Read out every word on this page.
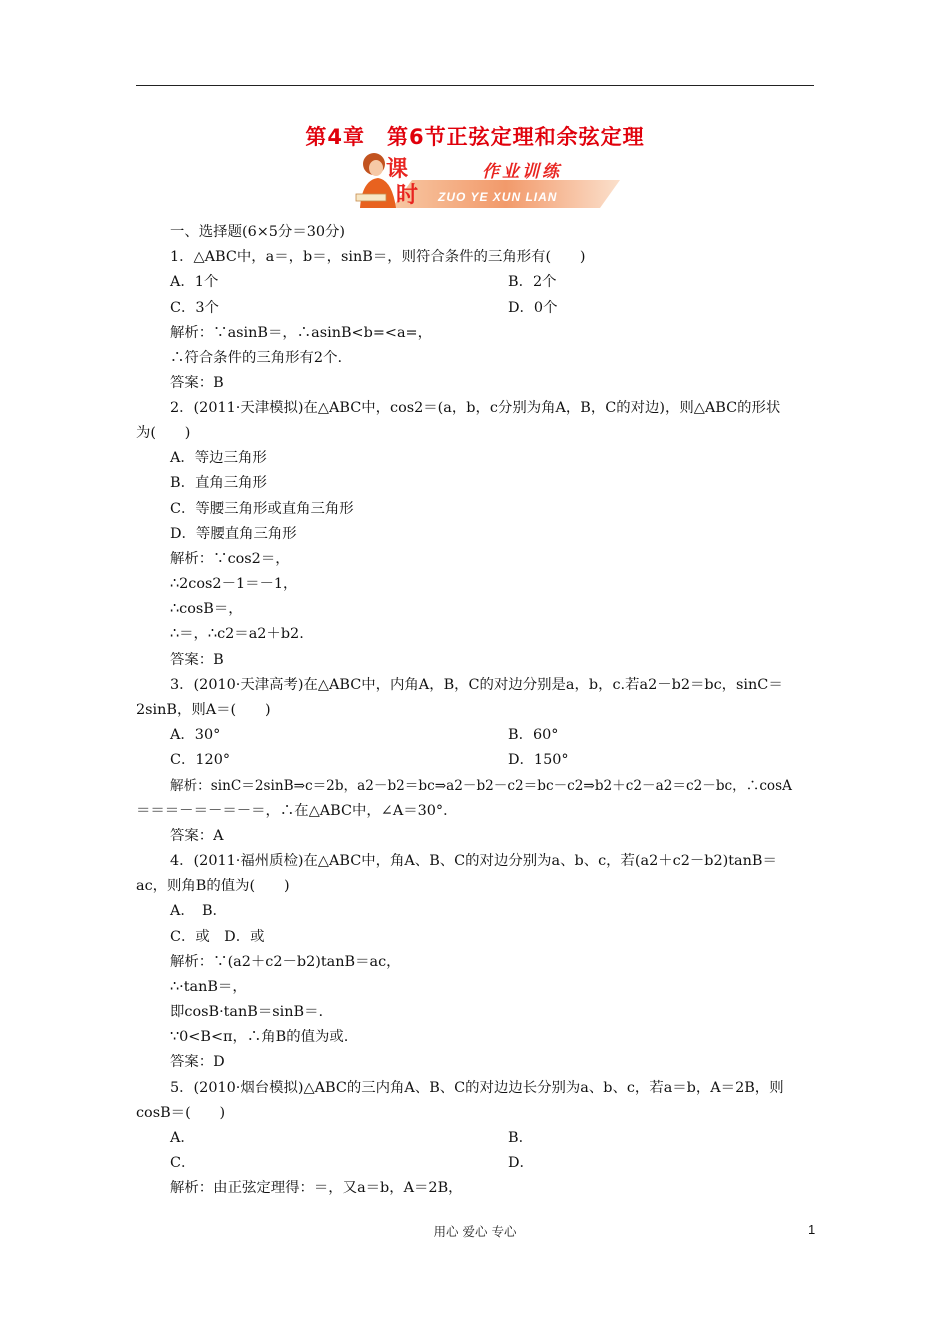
第4章　第6节正弦定理和余弦定理
课
时
作业训练
ZUO YE XUN LIAN
一、选择题(6×5分＝30分)
1．△ABC中，a＝，b＝，sinB＝，则符合条件的三角形有(　　)
A．1个	B．2个
C．3个	D．0个
解析：∵asinB＝，∴asinB<b=<a=，
∴符合条件的三角形有2个.
答案：B
2．(2011·天津模拟)在△ABC中，cos2＝(a，b，c分别为角A，B，C的对边)，则△ABC的形状
为(　　)
A．等边三角形
B．直角三角形
C．等腰三角形或直角三角形
D．等腰直角三角形
解析：∵cos2＝，
∴2cos2－1＝－1，
∴cosB＝，
∴＝，∴c2＝a2＋b2.
答案：B
3．(2010·天津高考)在△ABC中，内角A，B，C的对边分别是a，b，c.若a2－b2＝bc，sinC＝
2sinB，则A＝(　　)
A．30°	B．60°
C．120°	D．150°
解析：sinC＝2sinB⇒c＝2b，a2－b2＝bc⇒a2－b2－c2＝bc－c2⇒b2＋c2－a2＝c2－bc，∴cosA
＝＝＝－＝－＝－＝，∴在△ABC中，∠A＝30°．
答案：A
4．(2011·福州质检)在△ABC中，角A、B、C的对边分别为a、b、c，若(a2＋c2－b2)tanB＝
ac，则角B的值为(　　)
A．　B．
C．或　D．或
解析：∵(a2＋c2－b2)tanB＝ac，
∴·tanB＝，
即cosB·tanB＝sinB＝.
∵0<B<π，∴角B的值为或.
答案：D
5．(2010·烟台模拟)△ABC的三内角A、B、C的对边边长分别为a、b、c，若a＝b，A＝2B，则
cosB＝(　　)
A．	B．
C．	D．
解析：由正弦定理得：＝，又a＝b，A＝2B，
用心 爱心 专心	1
